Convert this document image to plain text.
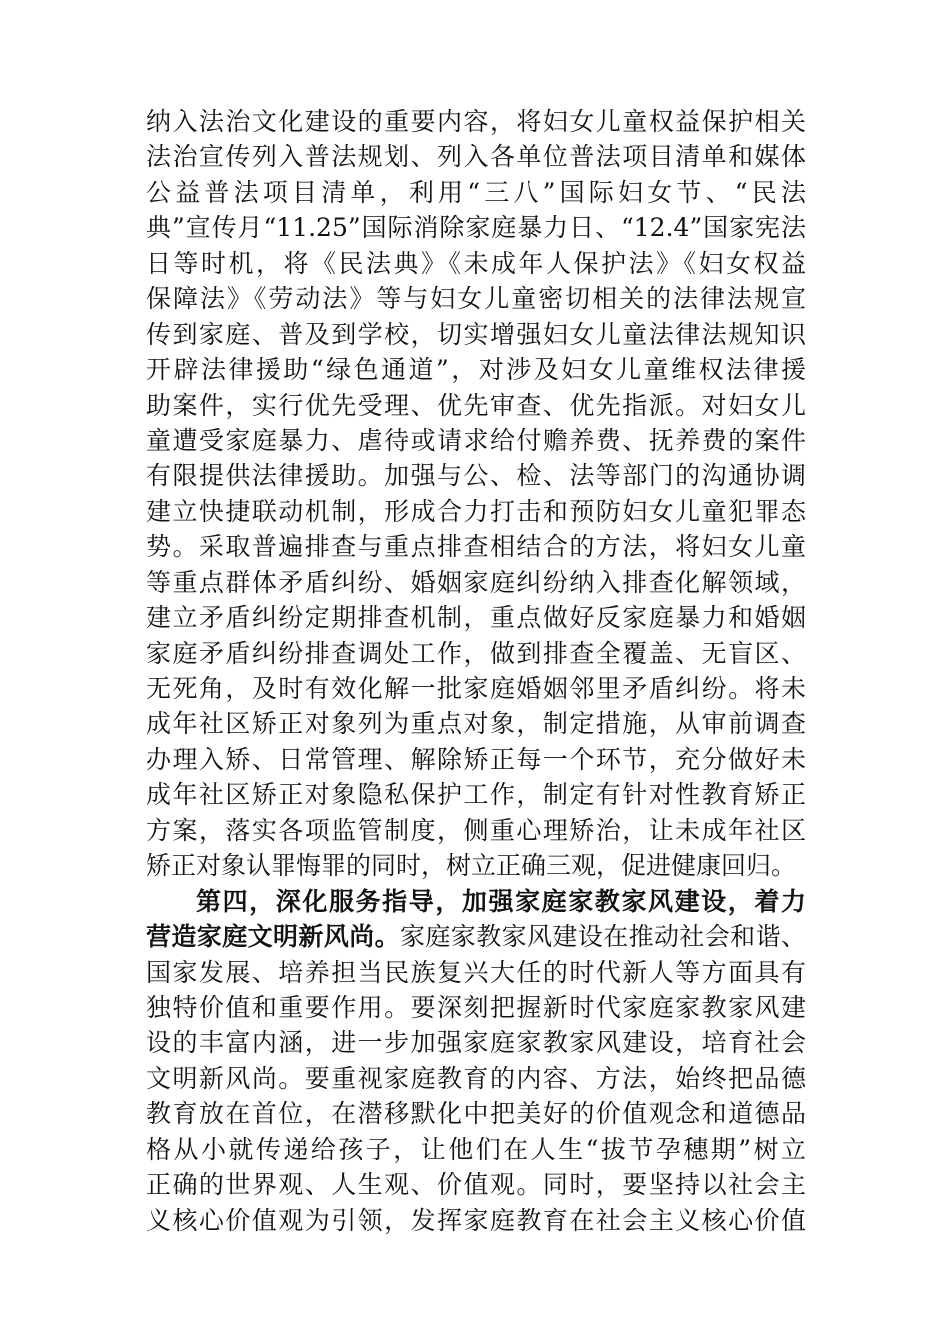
纳入法治文化建设的重要内容，将妇女儿童权益保护相关
法治宣传列入普法规划、列入各单位普法项目清单和媒体
公益普法项目清单，利用“三八”国际妇女节、“民法
典”宣传月“11.25”国际消除家庭暴力日、“12.4”国家宪法
日等时机，将《民法典》《未成年人保护法》《妇女权益
保障法》《劳动法》等与妇女儿童密切相关的法律法规宣
传到家庭、普及到学校，切实增强妇女儿童法律法规知识
开辟法律援助“绿色通道”，对涉及妇女儿童维权法律援
助案件，实行优先受理、优先审查、优先指派。对妇女儿
童遭受家庭暴力、虐待或请求给付赡养费、抚养费的案件
有限提供法律援助。加强与公、检、法等部门的沟通协调
建立快捷联动机制，形成合力打击和预防妇女儿童犯罪态
势。采取普遍排查与重点排查相结合的方法，将妇女儿童
等重点群体矛盾纠纷、婚姻家庭纠纷纳入排查化解领域，
建立矛盾纠纷定期排查机制，重点做好反家庭暴力和婚姻
家庭矛盾纠纷排查调处工作，做到排查全覆盖、无盲区、
无死角，及时有效化解一批家庭婚姻邻里矛盾纠纷。将未
成年社区矫正对象列为重点对象，制定措施，从审前调查
办理入矫、日常管理、解除矫正每一个环节，充分做好未
成年社区矫正对象隐私保护工作，制定有针对性教育矫正
方案，落实各项监管制度，侧重心理矫治，让未成年社区
矫正对象认罪悔罪的同时，树立正确三观，促进健康回归。
第四，深化服务指导，加强家庭家教家风建设，着力
营造家庭文明新风尚。家庭家教家风建设在推动社会和谐、
国家发展、培养担当民族复兴大任的时代新人等方面具有
独特价值和重要作用。要深刻把握新时代家庭家教家风建
设的丰富内涵，进一步加强家庭家教家风建设，培育社会
文明新风尚。要重视家庭教育的内容、方法，始终把品德
教育放在首位，在潜移默化中把美好的价值观念和道德品
格从小就传递给孩子，让他们在人生“拔节孕穗期”树立
正确的世界观、人生观、价值观。同时，要坚持以社会主
义核心价值观为引领，发挥家庭教育在社会主义核心价值
